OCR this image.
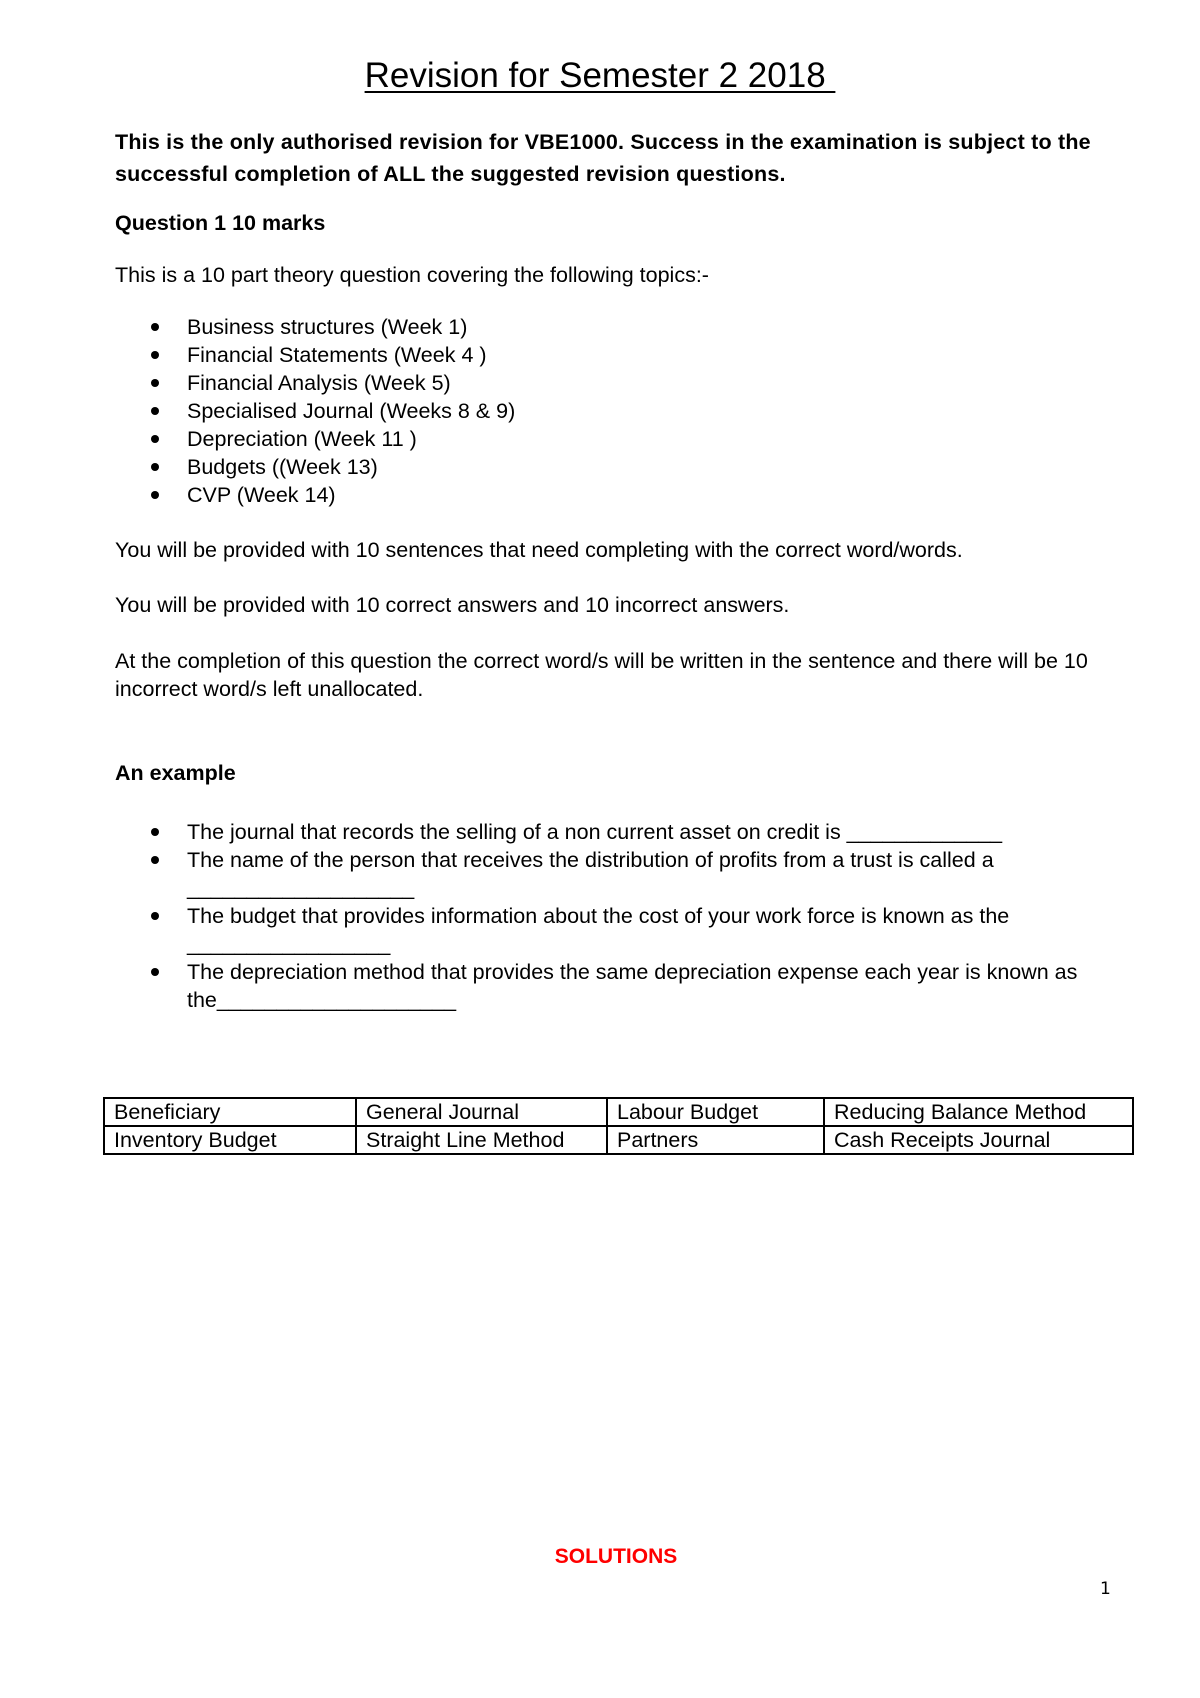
Revision for Semester 2 2018
This is the only authorised revision for VBE1000. Success in the examination is subject to the successful completion of ALL the suggested revision questions.
Question 1 10 marks
This is a 10 part theory question covering the following topics:-
Business structures (Week 1)
Financial Statements (Week 4 )
Financial Analysis (Week 5)
Specialised Journal (Weeks 8 & 9)
Depreciation (Week 11 )
Budgets ((Week 13)
CVP (Week 14)
You will be provided with 10 sentences that need completing with the correct word/words.
You will be provided with 10 correct answers and 10 incorrect answers.
At the completion of this question the correct word/s will be written in the sentence and there will be 10 incorrect word/s left unallocated.
An example
The journal that records the selling of a non current asset on credit is _____________
The name of the person that receives the distribution of profits from a trust is called a ___________________
The budget that provides information about the cost of your work force is known as the _________________
The depreciation method that provides the same depreciation expense each year is known as the____________________
Beneficiary	General Journal	Labour Budget	Reducing Balance Method
Inventory Budget	Straight Line Method	Partners	Cash Receipts Journal
SOLUTIONS
1
